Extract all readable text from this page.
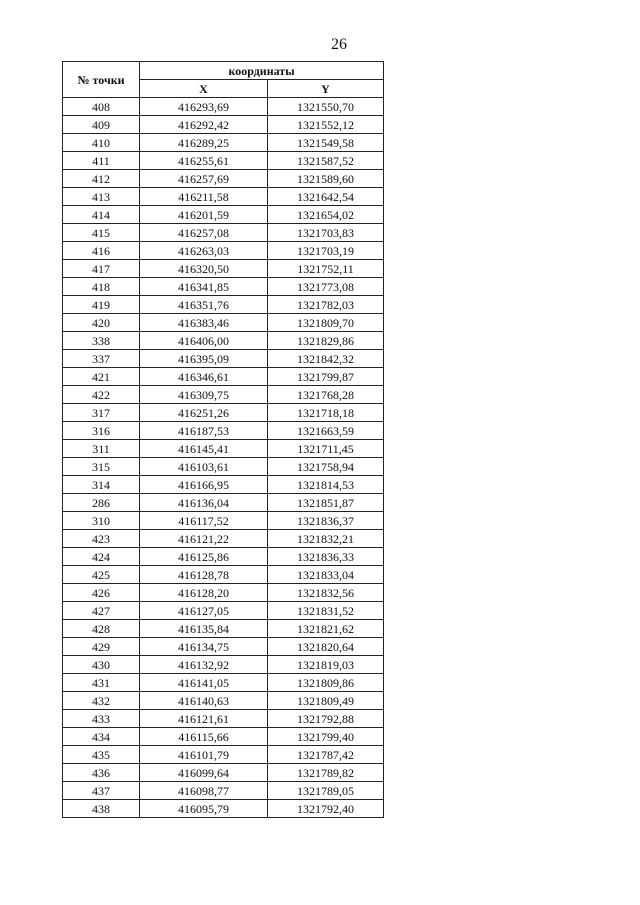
26
№ точки	координаты	
	X	Y
408	416293,69	1321550,70
409	416292,42	1321552,12
410	416289,25	1321549,58
411	416255,61	1321587,52
412	416257,69	1321589,60
413	416211,58	1321642,54
414	416201,59	1321654,02
415	416257,08	1321703,83
416	416263,03	1321703,19
417	416320,50	1321752,11
418	416341,85	1321773,08
419	416351,76	1321782,03
420	416383,46	1321809,70
338	416406,00	1321829,86
337	416395,09	1321842,32
421	416346,61	1321799,87
422	416309,75	1321768,28
317	416251,26	1321718,18
316	416187,53	1321663,59
311	416145,41	1321711,45
315	416103,61	1321758,94
314	416166,95	1321814,53
286	416136,04	1321851,87
310	416117,52	1321836,37
423	416121,22	1321832,21
424	416125,86	1321836,33
425	416128,78	1321833,04
426	416128,20	1321832,56
427	416127,05	1321831,52
428	416135,84	1321821,62
429	416134,75	1321820,64
430	416132,92	1321819,03
431	416141,05	1321809,86
432	416140,63	1321809,49
433	416121,61	1321792,88
434	416115,66	1321799,40
435	416101,79	1321787,42
436	416099,64	1321789,82
437	416098,77	1321789,05
438	416095,79	1321792,40
